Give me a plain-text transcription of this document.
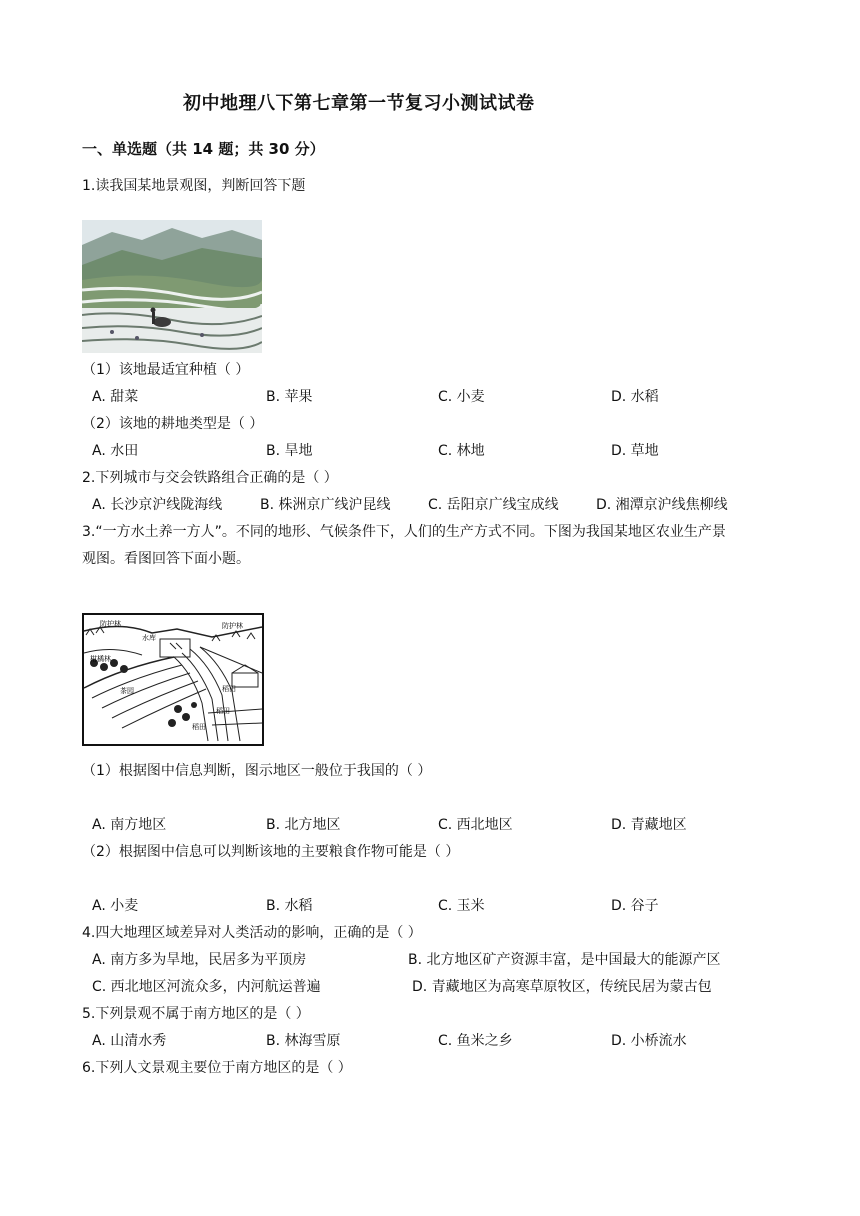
初中地理八下第七章第一节复习小测试试卷
一、单选题（共 14 题；共 30 分）
1.读我国某地景观图，判断回答下题
（1）该地最适宜种植（ ）
A. 甜菜	B. 苹果	C. 小麦	D. 水稻
（2）该地的耕地类型是（ ）
A. 水田	B. 旱地	C. 林地	D. 草地
2.下列城市与交会铁路组合正确的是（ ）
A. 长沙京沪线陇海线	B. 株洲京广线沪昆线	C. 岳阳京广线宝成线	D. 湘潭京沪线焦柳线
3.“一方水土养一方人”。不同的地形、气候条件下，人们的生产方式不同。下图为我国某地区农业生产景
观图。看图回答下面小题。
防护林
水库
防护林
柑橘林
茶园	稻田
稻田
稻田
（1）根据图中信息判断，图示地区一般位于我国的（ ）
A. 南方地区	B. 北方地区	C. 西北地区	D. 青藏地区
（2）根据图中信息可以判断该地的主要粮食作物可能是（ ）
A. 小麦	B. 水稻	C. 玉米	D. 谷子
4.四大地理区域差异对人类活动的影响，正确的是（ ）
A. 南方多为旱地，民居多为平顶房	B. 北方地区矿产资源丰富，是中国最大的能源产区
C. 西北地区河流众多，内河航运普遍	D. 青藏地区为高寒草原牧区，传统民居为蒙古包
5.下列景观不属于南方地区的是（ ）
A. 山清水秀	B. 林海雪原	C. 鱼米之乡	D. 小桥流水
6.下列人文景观主要位于南方地区的是（ ）
